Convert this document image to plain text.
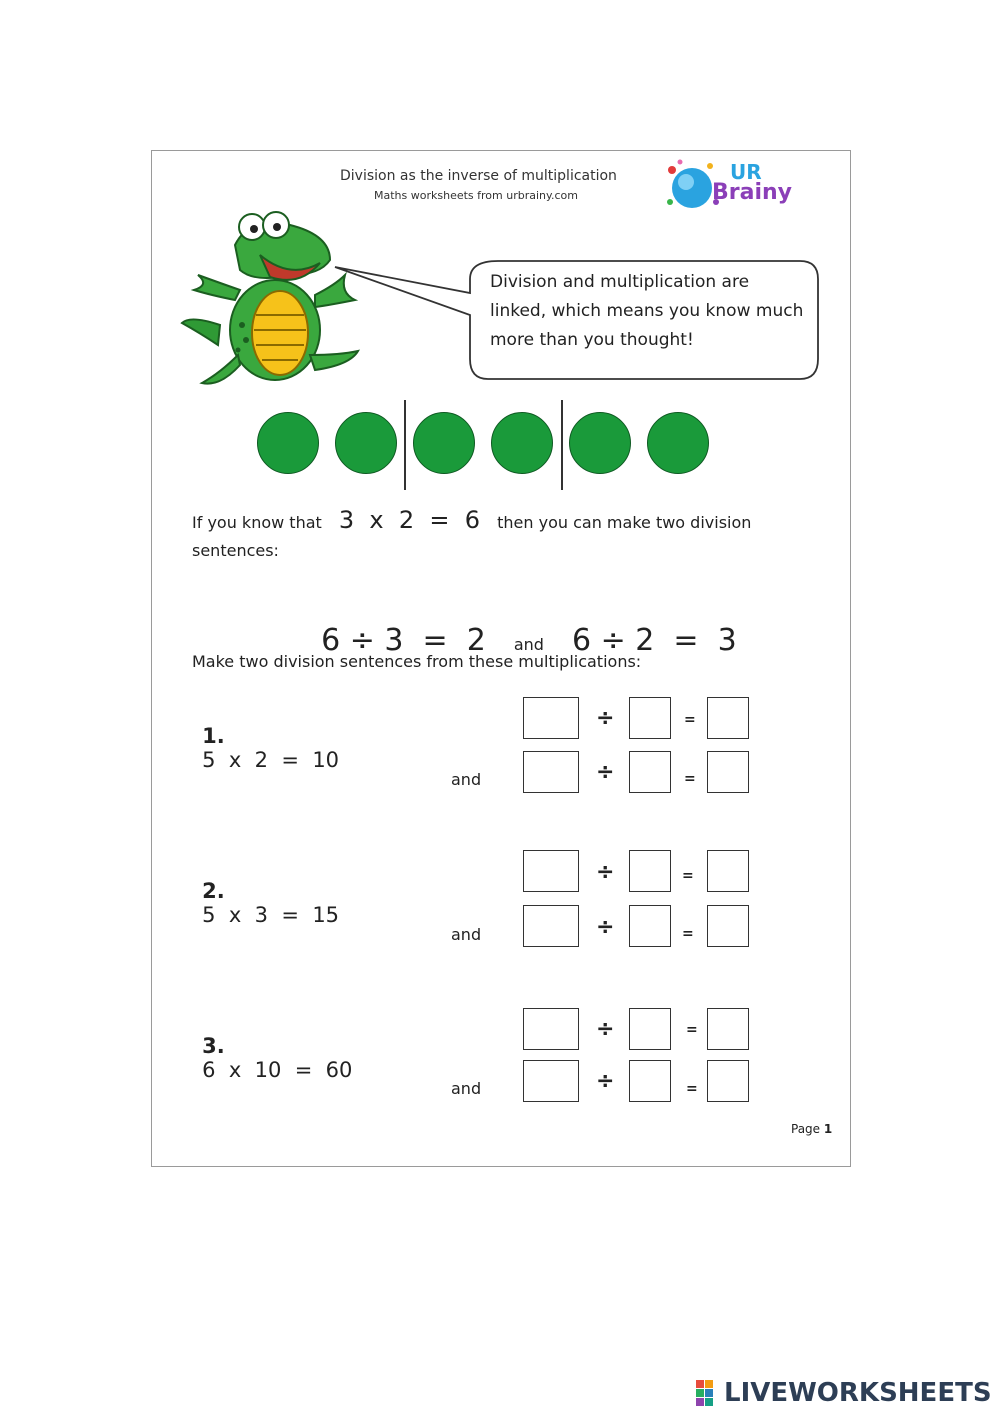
Division as the inverse of multiplication
Maths worksheets from urbrainy.com
UR
Brainy
Division and multiplication are
linked, which means you know much
more than you thought!
If you know that 3  x  2  =  6 then you can make two division
sentences:

6 ÷ 3  =  2 and 6 ÷ 2  =  3

Make two division sentences from these multiplications:

1.
5  x  2  =  10

÷	=
and	÷	=

2.
5  x  3  =  15

÷	=
and	÷	=

3.
6  x  10  =  60

÷	=
and	÷	=
Page 1
LIVEWORKSHEETS
